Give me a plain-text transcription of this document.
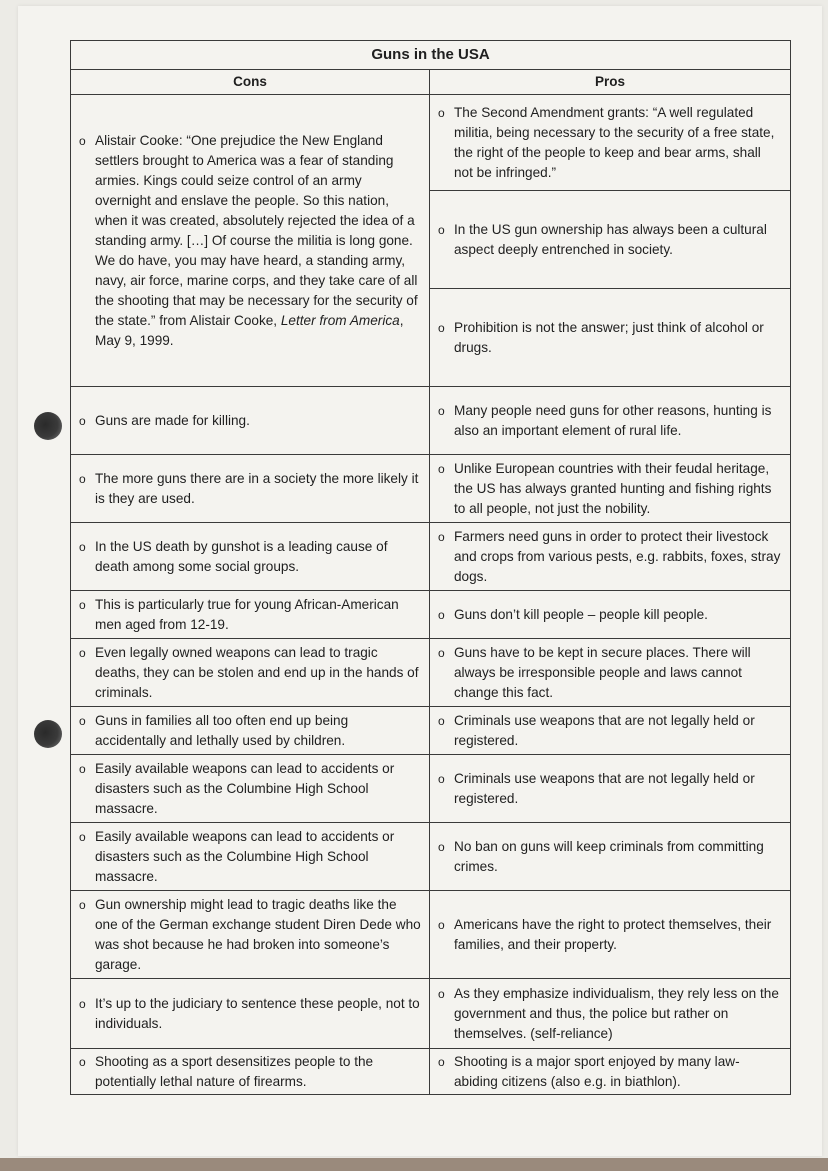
Guns in the USA	
Cons	Pros

o Alistair Cooke: “One prejudice the New England settlers brought to America was a fear of standing armies. Kings could seize control of an army overnight and enslave the people. So this nation, when it was created, absolutely rejected the idea of a standing army. […] Of course the militia is long gone. We do have, you may have heard, a standing army, navy, air force, marine corps, and they take care of all the shooting that may be necessary for the security of the state.” from Alistair Cooke, Letter from America, May 9, 1999.	o The Second Amendment grants: “A well regulated militia, being necessary to the security of a free state, the right of the people to keep and bear arms, shall not be infringed.”

	o In the US gun ownership has always been a cultural aspect deeply entrenched in society.

	o Prohibition is not the answer; just think of alcohol or drugs.

o Guns are made for killing.	o Many people need guns for other reasons, hunting is also an important element of rural life.

o The more guns there are in a society the more likely it is they are used.	o Unlike European countries with their feudal heritage, the US has always granted hunting and fishing rights to all people, not just the nobility.

o In the US death by gunshot is a leading cause of death among some social groups.	o Farmers need guns in order to protect their livestock and crops from various pests, e.g. rabbits, foxes, stray dogs.

o This is particularly true for young African-American men aged from 12-19.	o Guns don’t kill people – people kill people.

o Even legally owned weapons can lead to tragic deaths, they can be stolen and end up in the hands of criminals.	o Guns have to be kept in secure places. There will always be irresponsible people and laws cannot change this fact.

o Guns in families all too often end up being accidentally and lethally used by children.	o Criminals use weapons that are not legally held or registered.

o Easily available weapons can lead to accidents or disasters such as the Columbine High School massacre.	o Criminals use weapons that are not legally held or registered.

o Easily available weapons can lead to accidents or disasters such as the Columbine High School massacre.	o No ban on guns will keep criminals from committing crimes.

o Gun ownership might lead to tragic deaths like the one of the German exchange student Diren Dede who was shot because he had broken into someone’s garage.	o Americans have the right to protect themselves, their families, and their property.

o It’s up to the judiciary to sentence these people, not to individuals.	o As they emphasize individualism, they rely less on the government and thus, the police but rather on themselves. (self-reliance)

o Shooting as a sport desensitizes people to the potentially lethal nature of firearms.	o Shooting is a major sport enjoyed by many law-abiding citizens (also e.g. in biathlon).
